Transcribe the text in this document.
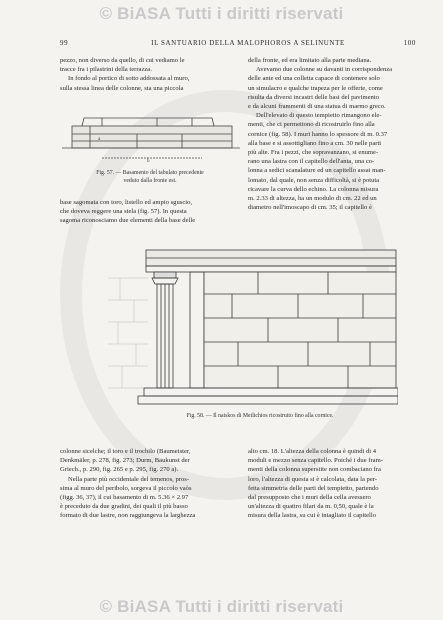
© BiASA Tutti i diritti riservati
99	IL SANTUARIO DELLA MALOPHOROS A SELINUNTE	100

pezzo, non diverso da quello, di cui vediamo le

tracce fra i pilastrini della terrazza.

In fondo al portico di sotto addossata al muro,

sulla stessa linea delle colonne, sta una piccola

a
b
Fig. 57. — Basamento del tabulato precedente
veduto dalla fronte est.

base sagomata con toro, listello ed ampio sguscio,

che doveva reggere una stela (fig. 57). In questa

sagoma riconosciamo due elementi della base delle

della fronte, ed era limitato alla parte mediana.

Avevamo due colonne su davanti in corrispondenza

delle ante ed una colletta capace di contenere solo

un simulacro e qualche trapeza per le offerte, come

risulta da diversi incastri delle basi del pavimento

e da alcuni frammenti di una statua di marmo greco.

Dell'elevato di questo tempietto rimangono ele-

menti, che ci permettono di ricostruirlo fino alla

cornice (fig. 58). I muri hanno lo spessore di m. 0.37

alla base e si assottigliano fino a cm. 30 nelle parti

più alte. Fra i pezzi, che sopravanzano, si enume-

rano una lastra con il capitello dell'anta, una co-

lonna a sedici scanalature ed un capitello assai man-

lomato, dal quale, non senza difficoltà, si è potuta

ricavare la curva dello echino. La colonna misura

m. 2.33 di altezza, ha un modulo di cm. 22 ed un

diametro nell'imoscapo di cm. 35; il capitello è

Fig. 58. — Il naiskos di Meilichios ricostruito fino alla cornice.

colonne sicelche; il toro e il trochilo (Baumeister,

Denkmäler, p. 278, fig. 273; Durm, Baukunst der

Griech., p. 290, fig. 265 e p. 295, fig. 270 a).

Nella parte più occidentale del temenos, pros-

sima al muro del peribolo, sorgeva il piccolo vaòs

(figg. 36, 37), il cui basamento di m. 5.36 × 2.97

è preceduto da due gradini, dei quali il più basso

formato di due lastre, non raggiungeva la larghezza

alto cm. 18. L'altezza della colonna è quindi di 4

moduli e mezzo senza capitello. Poiché i due fram-

menti della colonna superstite non combaciano fra

loro, l'altezza di questa si è calcolata, data la per-

fetta simmetria delle parti del tempietto, partendo

dal presupposto che i muri della cella avessero

un'altezza di quattro filari da m. 0,50, quale è la

misura della lastra, su cui è intagliato il capitello

© BiASA Tutti i diritti riservati
